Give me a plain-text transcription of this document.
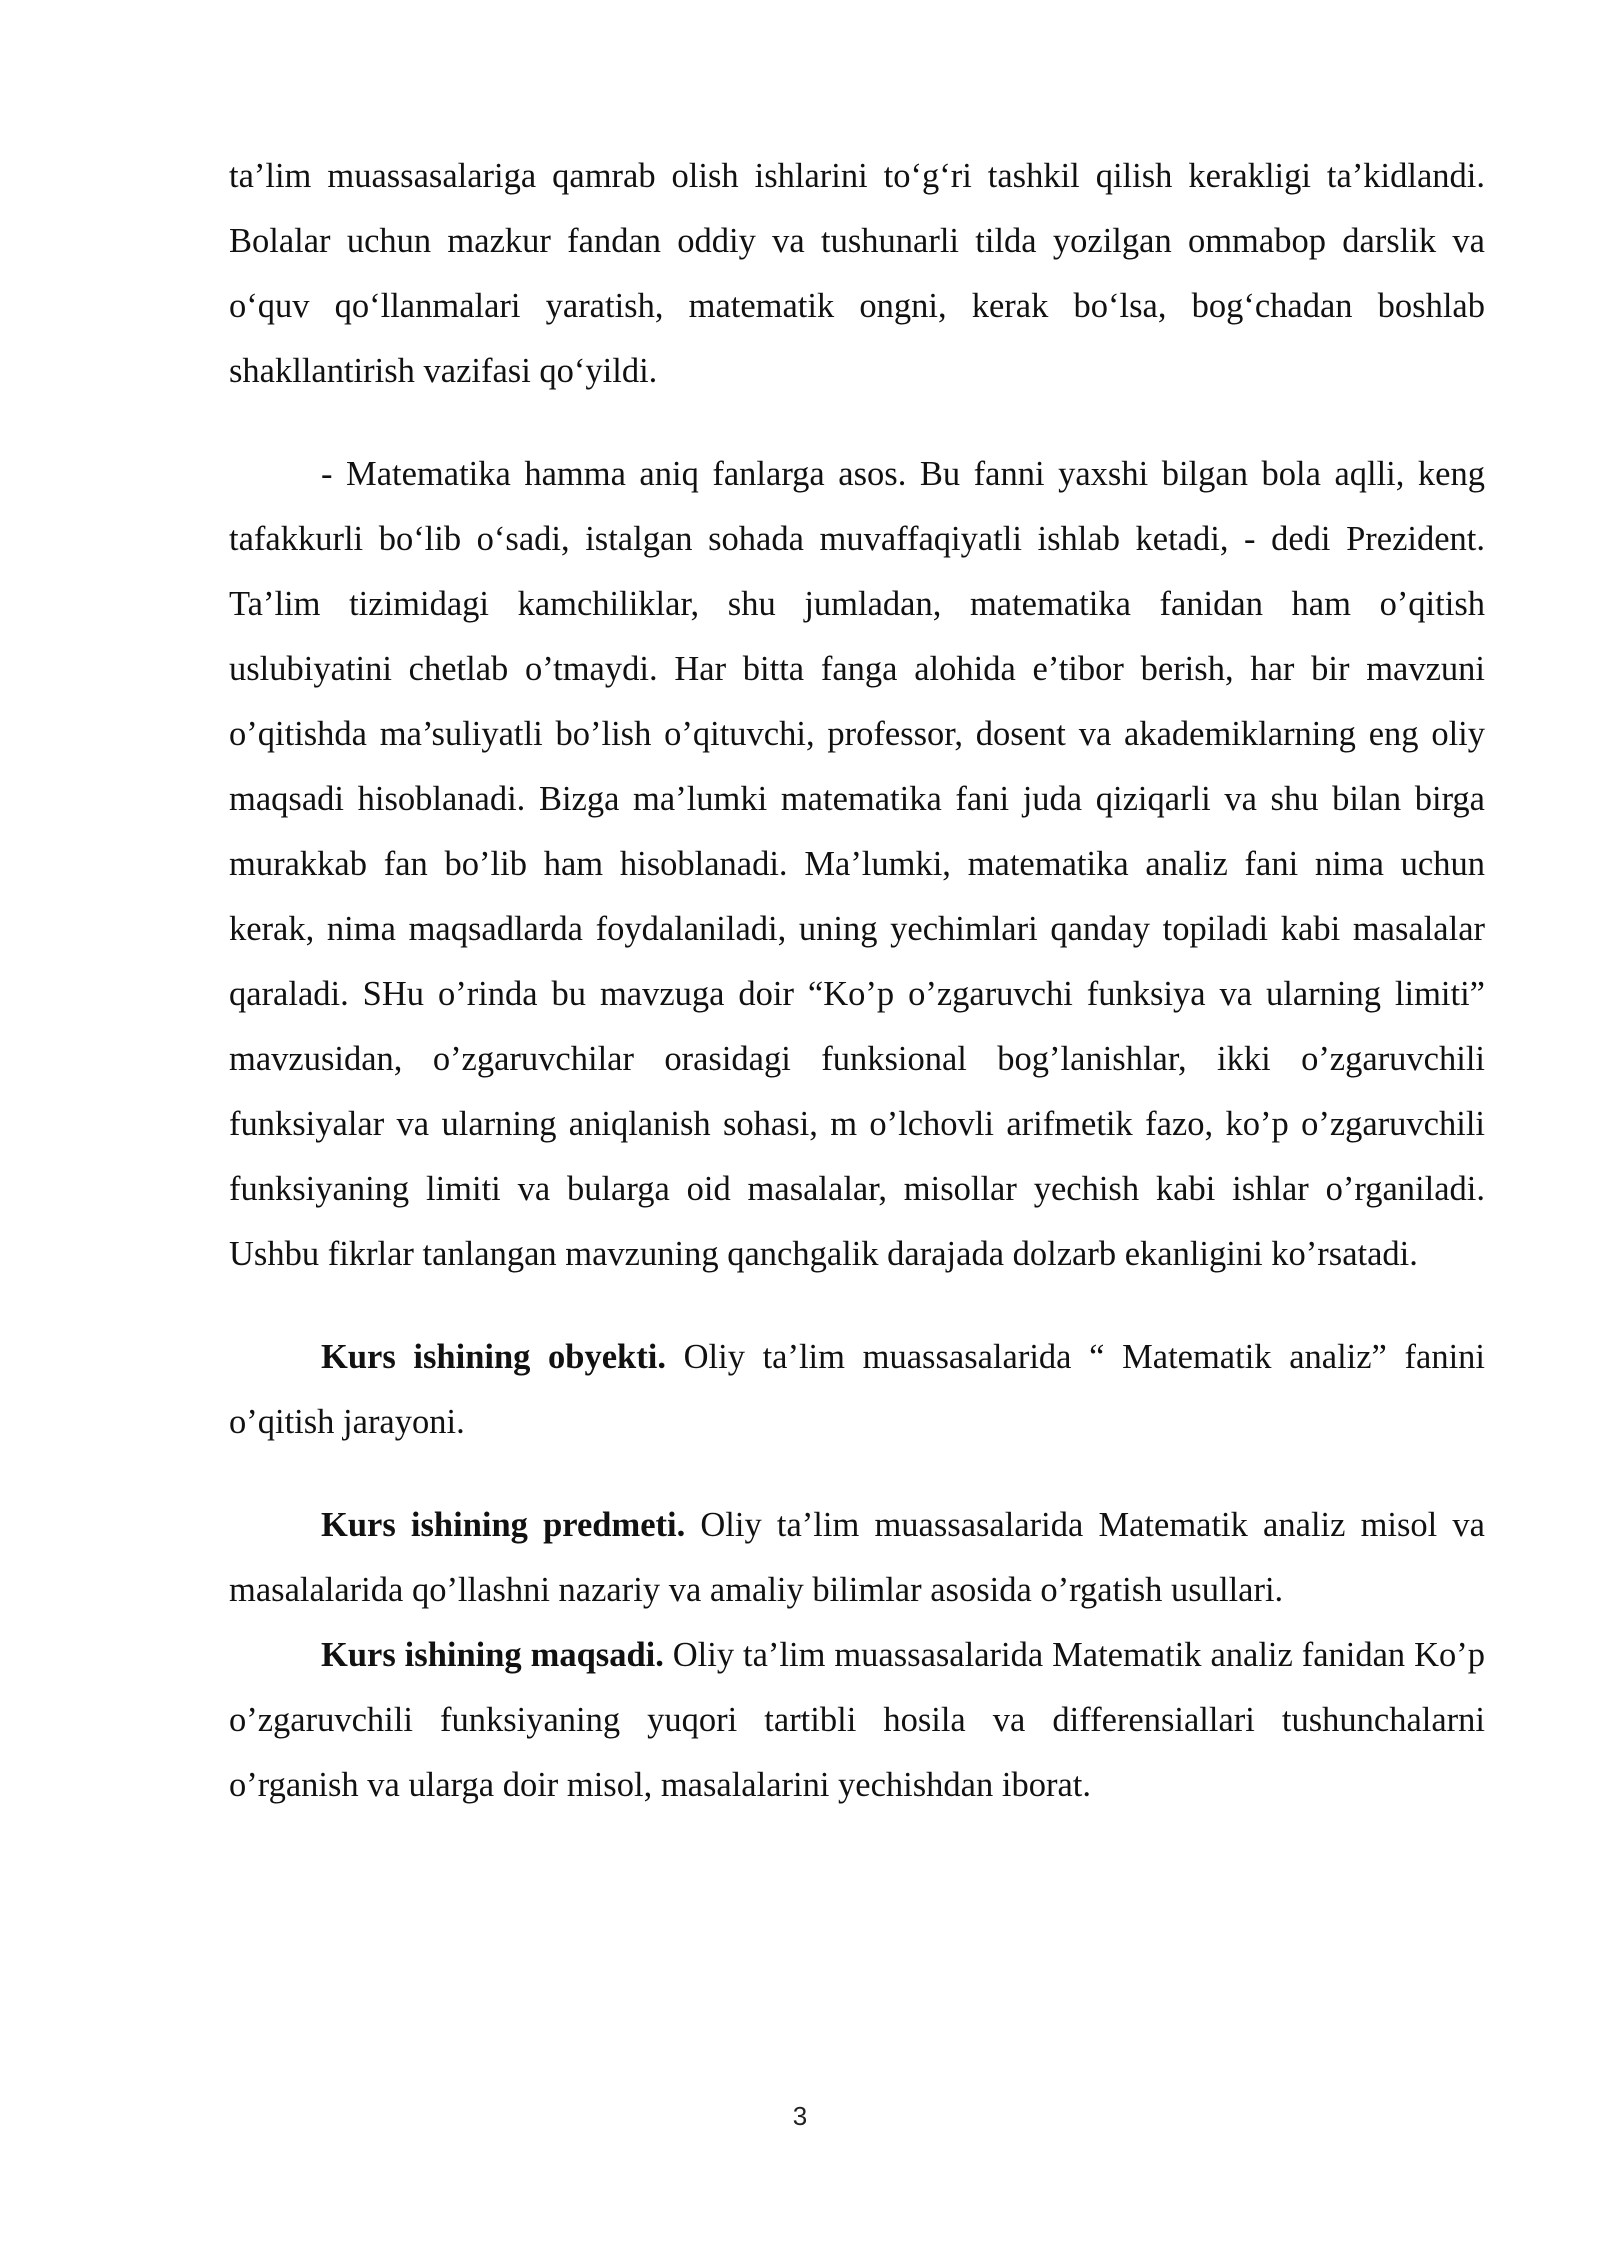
ta’lim muassasalariga qamrab olish ishlarini to‘g‘ri tashkil qilish kerakligi ta’kidlandi. Bolalar uchun mazkur fandan oddiy va tushunarli tilda yozilgan ommabop darslik va o‘quv qo‘llanmalari yaratish, matematik ongni, kerak bo‘lsa, bog‘chadan boshlab shakllantirish vazifasi qo‘yildi.

- Matematika hamma aniq fanlarga asos. Bu fanni yaxshi bilgan bola aqlli, keng tafakkurli bo‘lib o‘sadi, istalgan sohada muvaffaqiyatli ishlab ketadi, - dedi Prezident. Ta’lim tizimidagi kamchiliklar, shu jumladan, matematika fanidan ham o’qitish uslubiyatini chetlab o’tmaydi. Har bitta fanga alohida e’tibor berish, har bir mavzuni o’qitishda ma’suliyatli bo’lish o’qituvchi, professor, dosent va akademiklarning eng oliy maqsadi hisoblanadi. Bizga ma’lumki matematika fani juda qiziqarli va shu bilan birga murakkab fan bo’lib ham hisoblanadi. Ma’lumki, matematika analiz fani nima uchun kerak, nima maqsadlarda foydalaniladi, uning yechimlari qanday topiladi kabi masalalar qaraladi. SHu o’rinda bu mavzuga doir “Ko’p o’zgaruvchi funksiya va ularning limiti” mavzusidan, o’zgaruvchilar orasidagi funksional bog’lanishlar, ikki o’zgaruvchili funksiyalar va ularning aniqlanish sohasi, m o’lchovli arifmetik fazo, ko’p o’zgaruvchili funksiyaning limiti va bularga oid masalalar, misollar yechish kabi ishlar o’rganiladi. Ushbu fikrlar tanlangan mavzuning qanchgalik darajada dolzarb ekanligini ko’rsatadi.

Kurs ishining obyekti. Oliy ta’lim muassasalarida “ Matematik analiz” fanini o’qitish jarayoni.

Kurs ishining predmeti. Oliy ta’lim muassasalarida Matematik analiz misol va masalalarida qo’llashni nazariy va amaliy bilimlar asosida o’rgatish usullari.

Kurs ishining maqsadi. Oliy ta’lim muassasalarida Matematik analiz fanidan Ko’p o’zgaruvchili funksiyaning yuqori tartibli hosila va differensiallari tushunchalarni o’rganish va ularga doir misol, masalalarini yechishdan iborat.

3
